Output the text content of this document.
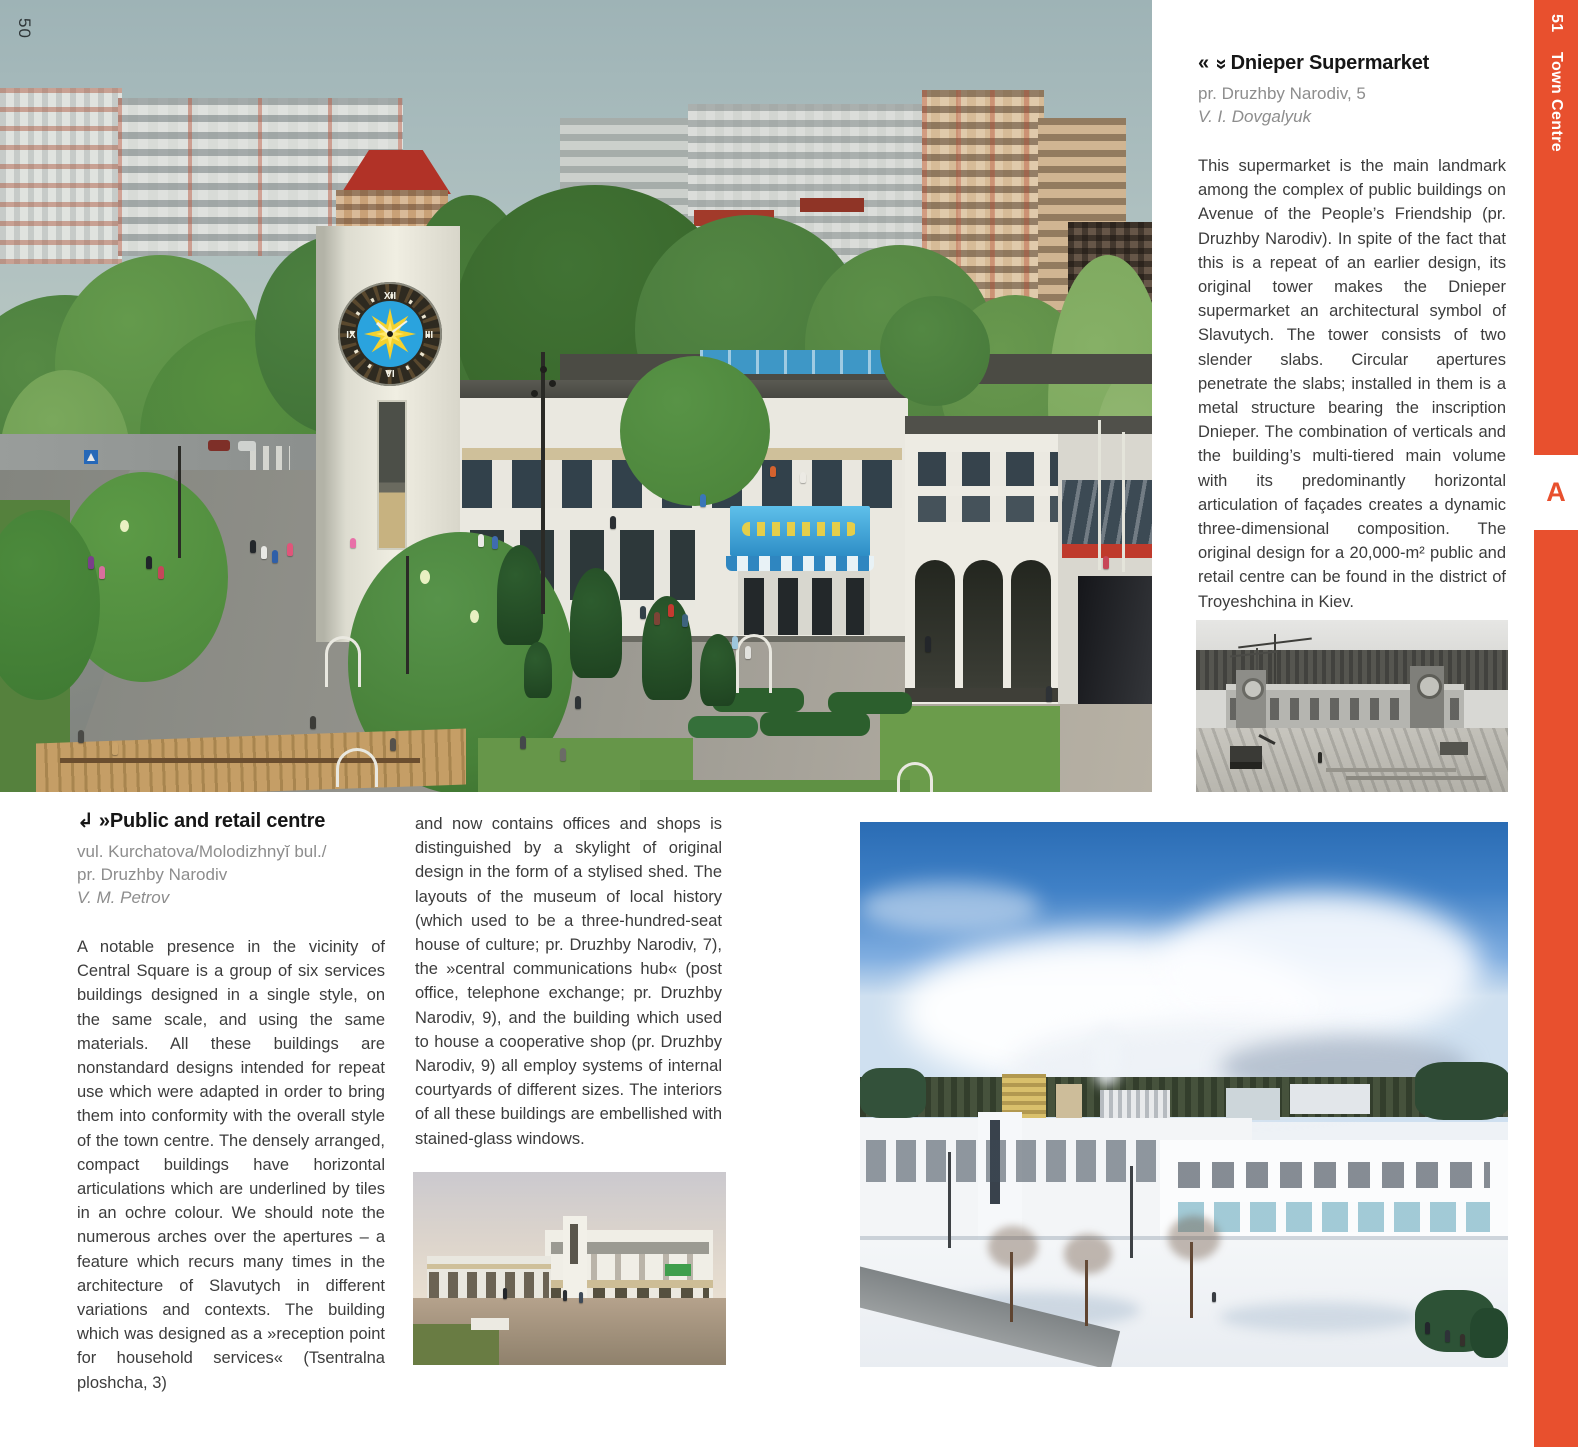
XII
III
VI
IX
50
« » Dnieper Supermarket
pr. Druzhby Narodiv, 5
V. I. Dovgalyuk

This supermarket is the main landmark among the complex of public buildings on Avenue of the People’s Friendship (pr. Druzhby Narodiv). In spite of the fact that this is a repeat of an earlier design, its original tower makes the Dnieper supermarket an architectural symbol of Slavutych. The tower consists of two slender slabs. Circular apertures penetrate the slabs; installed in them is a metal structure bearing the inscription Dnieper. The combination of verticals and the building’s multi-tiered main volume with its predominantly horizontal articulation of façades creates a dynamic three-dimensional composition. The original design for a 20,000-m² public and retail centre can be found in the district of Troyeshchina in Kiev.

51
Town Centre
A
↲ »Public and retail centre
vul. Kurchatova/Molodizhnyĭ bul./
pr. Druzhby Narodiv
V. M. Petrov

A notable presence in the vicinity of Central Square is a group of six services buildings designed in a single style, on the same scale, and using the same materials. All these buildings are nonstandard designs intended for repeat use which were adapted in order to bring them into conformity with the overall style of the town centre. The densely arranged, compact buildings have horizontal articulations which are underlined by tiles in an ochre colour. We should note the numerous arches over the apertures – a feature which recurs many times in the architecture of Slavutych in different variations and contexts. The building which was designed as a »reception point for household services« (Tsentralna ploshcha, 3)

and now contains offices and shops is distinguished by a skylight of original design in the form of a stylised shed. The layouts of the museum of local history (which used to be a three-hundred-seat house of culture; pr. Druzhby Narodiv, 7), the »central communications hub« (post office, telephone exchange; pr. Druzhby Narodiv, 9), and the building which used to house a cooperative shop (pr. Druzhby Narodiv, 9) all employ systems of internal courtyards of different sizes. The interiors of all these buildings are embellished with stained-glass windows.
